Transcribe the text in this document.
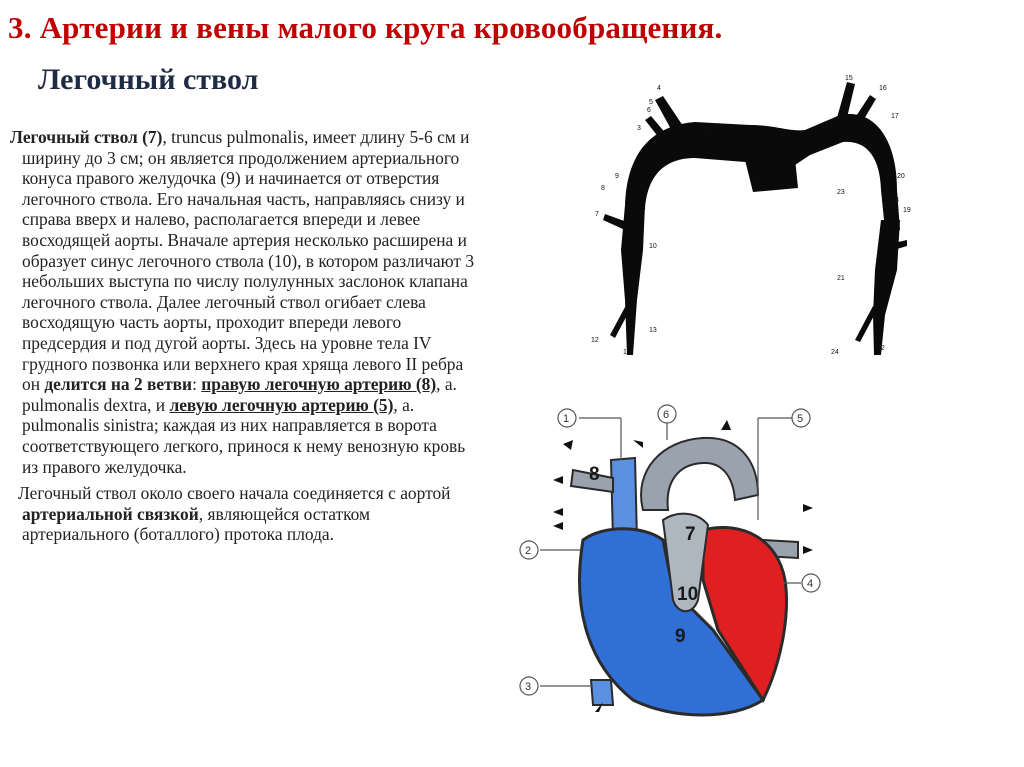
3. Артерии и вены малого круга кровообращения.
Легочный ствол

Легочный ствол (7), truncus pulmonalis, имеет длину 5-6 см и ширину до 3 см; он является продолжением артериального конуса правого желудочка (9) и начинается от отверстия легочного ствола. Его начальная часть, направляясь снизу и справа вверх и налево, располагается впереди и левее восходящей аорты. Вначале артерия несколько расширена и образует синус легочного ствола (10), в котором различают 3 небольших выступа по числу полулунных заслонок клапана легочного ствола. Далее легочный ствол огибает слева восходящую часть аорты, проходит впереди левого предсердия и под дугой аорты. Здесь на уровне тела IV грудного позвонка или верхнего края хряща левого II ребра он делится на 2 ветви: правую легочную артерию (8), a. pulmonalis dextra, и левую легочную артерию (5), a. pulmonalis sinistra; каждая из них направляется в ворота соответствующего легкого, принося к нему венозную кровь из правого желудочка.

Легочный ствол около своего начала соединяется с аортой артериальной связкой, являющейся остатком артериального (боталлого) протока плода.

1
2
3
4
5
6
7
8
9
10
11
12
13
14
15
16
17
18
19
20
21
22
23
24
1
2
3
4
5
6
8
7
10
9
